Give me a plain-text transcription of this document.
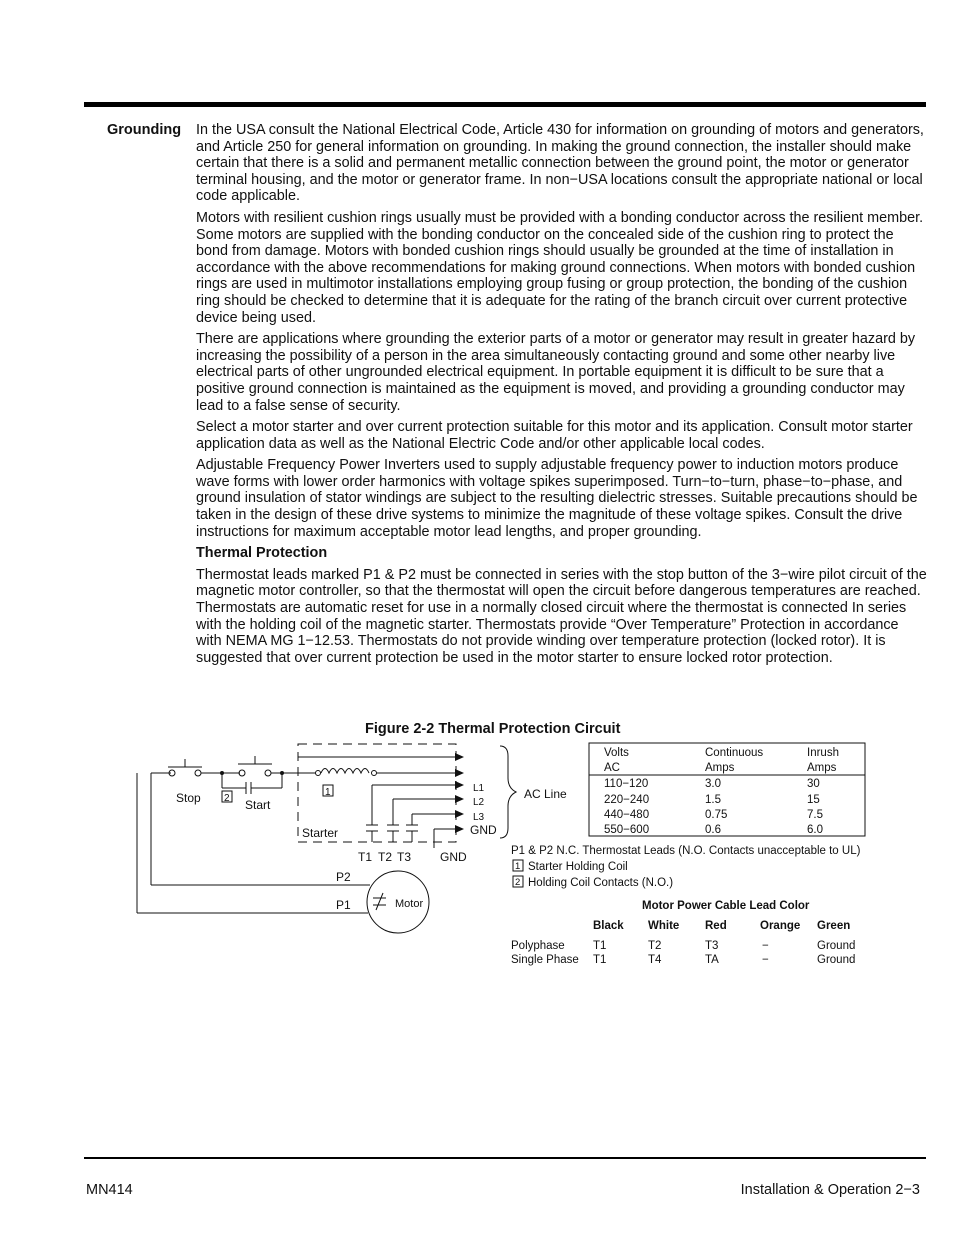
Grounding In the USA consult the National Electrical Code, Article 430 for information on grounding of motors and generators, and Article 250 for general information on grounding. In making the ground connection, the installer should make certain that there is a solid and permanent metallic connection between the ground point, the motor or generator terminal housing, and the motor or generator frame. In non−USA locations consult the appropriate national or local code applicable.

Motors with resilient cushion rings usually must be provided with a bonding conductor across the resilient member. Some motors are supplied with the bonding conductor on the concealed side of the cushion ring to protect the bond from damage. Motors with bonded cushion rings should usually be grounded at the time of installation in accordance with the above recommendations for making ground connections. When motors with bonded cushion rings are used in multimotor installations employing group fusing or group protection, the bonding of the cushion ring should be checked to determine that it is adequate for the rating of the branch circuit over current protective device being used.

There are applications where grounding the exterior parts of a motor or generator may result in greater hazard by increasing the possibility of a person in the area simultaneously contacting ground and some other nearby live electrical parts of other ungrounded electrical equipment. In portable equipment it is difficult to be sure that a positive ground connection is maintained as the equipment is moved, and providing a grounding conductor may lead to a false sense of security.

Select a motor starter and over current protection suitable for this motor and its application. Consult motor starter application data as well as the National Electric Code and/or other applicable local codes.

Adjustable Frequency Power Inverters used to supply adjustable frequency power to induction motors produce wave forms with lower order harmonics with voltage spikes superimposed. Turn−to−turn, phase−to−phase, and ground insulation of stator windings are subject to the resulting dielectric stresses. Suitable precautions should be taken in the design of these drive systems to minimize the magnitude of these voltage spikes. Consult the drive instructions for maximum acceptable motor lead lengths, and proper grounding.

Thermal Protection

Thermostat leads marked P1 & P2 must be connected in series with the stop button of the 3−wire pilot circuit of the magnetic motor controller, so that the thermostat will open the circuit before dangerous temperatures are reached. Thermostats are automatic reset for use in a normally closed circuit where the thermostat is connected In series with the holding coil of the magnetic starter. Thermostats provide “Over Temperature” Protection in accordance with NEMA MG 1−12.53. Thermostats do not provide winding over temperature protection (locked rotor). It is suggested that over current protection be used in the motor starter to ensure locked rotor protection.

Figure 2-2 Thermal Protection Circuit
Stop	Start
Starter
Motor
P2
P1
T1 T2 T3 GND
L1
L2
L3
GND
AC Line
1
2
Volts
AC
Continuous
Amps
Inrush
Amps
110−120	3.0	30
220−240	1.5	15
440−480	0.75	7.5
550−600	0.6	6.0
P1 & P2 N.C. Thermostat Leads (N.O. Contacts unacceptable to UL)
1 Starter Holding Coil
2 Holding Coil Contacts (N.O.)
Motor Power Cable Lead Color
Black White Red	Orange Green
Polyphase T1	T2	T3	−	Ground
Single Phase T1	T4	TA	−	Ground
MN414	Installation & Operation 2−3
